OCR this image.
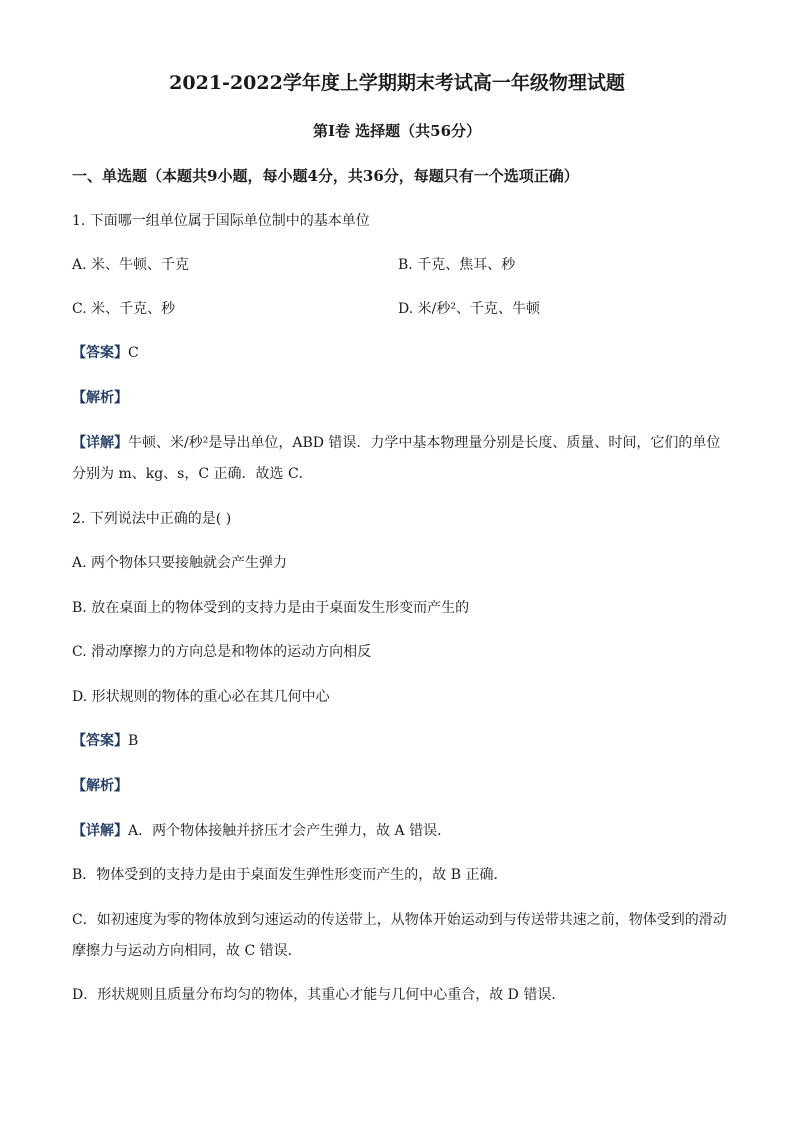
2021-2022学年度上学期期末考试高一年级物理试题
第Ⅰ卷 选择题（共56分）
一、单选题（本题共9小题，每小题4分，共36分，每题只有一个选项正确）
1. 下面哪一组单位属于国际单位制中的基本单位
A. 米、牛顿、千克	B. 千克、焦耳、秒
C. 米、千克、秒	D. 米/秒²、千克、牛顿
【答案】C
【解析】
【详解】牛顿、米/秒²是导出单位，ABD 错误．力学中基本物理量分别是长度、质量、时间，它们的单位
分别为 m、kg、s，C 正确．故选 C．
2. 下列说法中正确的是( )
A. 两个物体只要接触就会产生弹力
B. 放在桌面上的物体受到的支持力是由于桌面发生形变而产生的
C. 滑动摩擦力的方向总是和物体的运动方向相反
D. 形状规则的物体的重心必在其几何中心
【答案】B
【解析】
【详解】A．两个物体接触并挤压才会产生弹力，故 A 错误．
B．物体受到的支持力是由于桌面发生弹性形变而产生的，故 B 正确．
C．如初速度为零的物体放到匀速运动的传送带上，从物体开始运动到与传送带共速之前，物体受到的滑动
摩擦力与运动方向相同，故 C 错误．
D．形状规则且质量分布均匀的物体，其重心才能与几何中心重合，故 D 错误．
